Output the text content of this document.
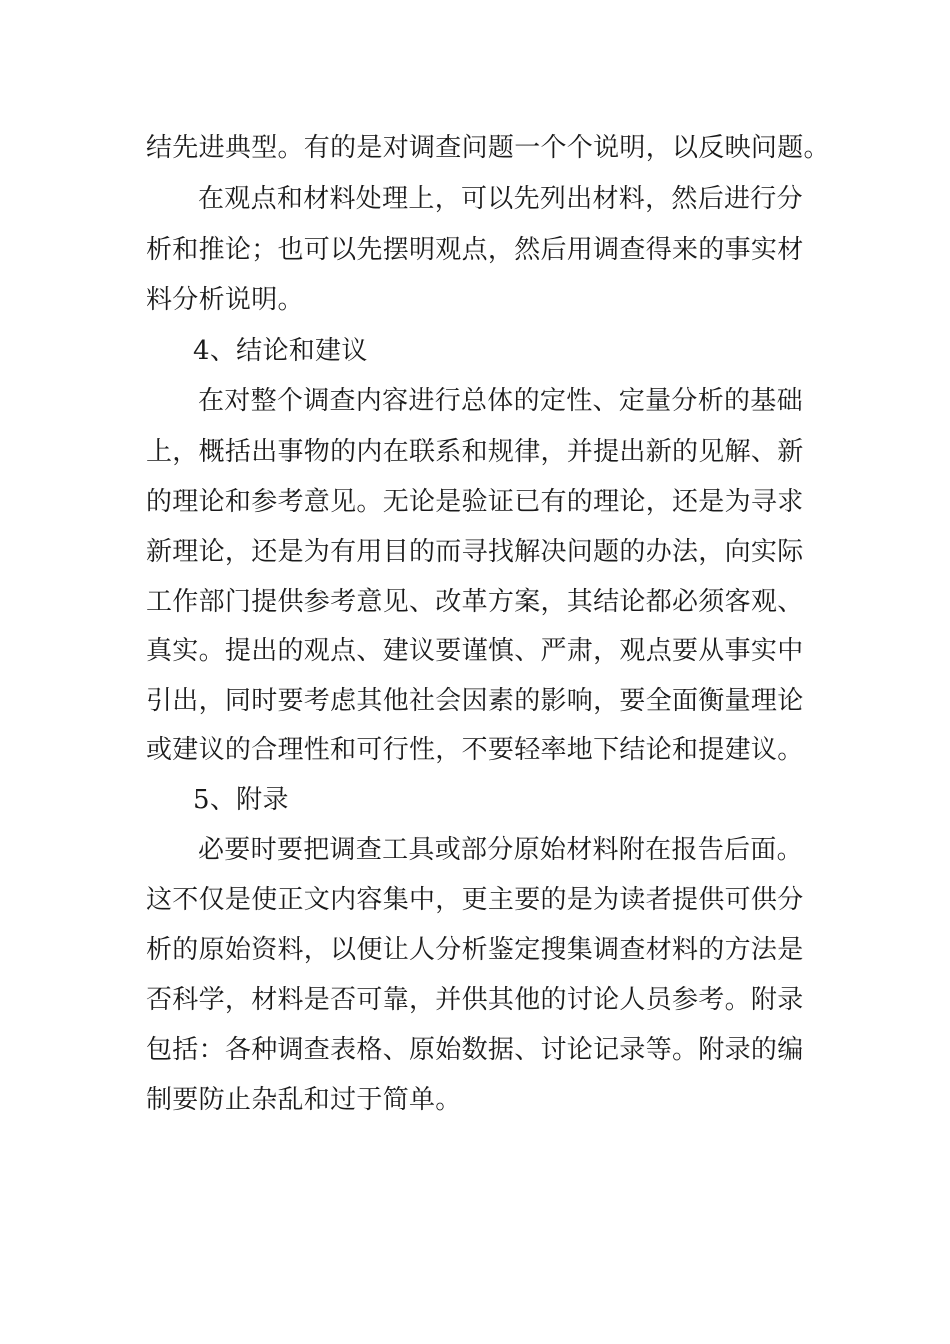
结先进典型。有的是对调查问题一个个说明，以反映问题。
在观点和材料处理上，可以先列出材料，然后进行分
析和推论；也可以先摆明观点，然后用调查得来的事实材
料分析说明。
4、结论和建议
在对整个调查内容进行总体的定性、定量分析的基础
上，概括出事物的内在联系和规律，并提出新的见解、新
的理论和参考意见。无论是验证已有的理论，还是为寻求
新理论，还是为有用目的而寻找解决问题的办法，向实际
工作部门提供参考意见、改革方案，其结论都必须客观、
真实。提出的观点、建议要谨慎、严肃，观点要从事实中
引出，同时要考虑其他社会因素的影响，要全面衡量理论
或建议的合理性和可行性，不要轻率地下结论和提建议。
5、附录
必要时要把调查工具或部分原始材料附在报告后面。
这不仅是使正文内容集中，更主要的是为读者提供可供分
析的原始资料，以便让人分析鉴定搜集调查材料的方法是
否科学，材料是否可靠，并供其他的讨论人员参考。附录
包括：各种调查表格、原始数据、讨论记录等。附录的编
制要防止杂乱和过于简单。
